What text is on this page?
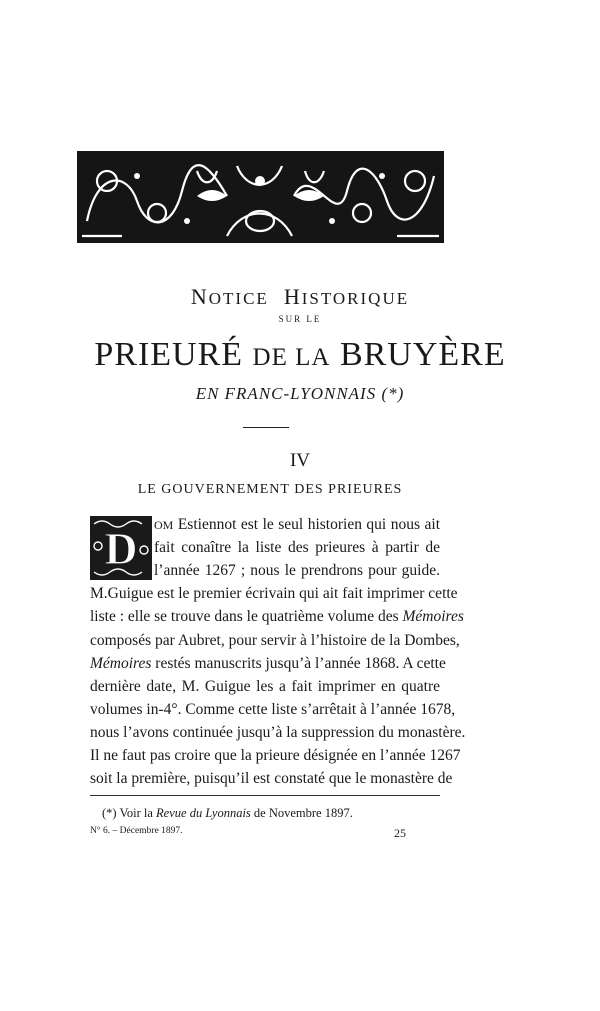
NOTICE HISTORIQUE
SUR LE
PRIEURÉ DE LA BRUYÈRE
EN FRANC-LYONNAIS (*)
IV
LE GOUVERNEMENT DES PRIEURES
D OM Estiennot est le seul historien qui nous ait
fait conaître la liste des prieures à partir de
l’année 1267 ; nous le prendrons pour guide.
M.Guigue est le premier écrivain qui ait fait imprimer cette
liste : elle se trouve dans le quatrième volume des Mémoires
composés par Aubret, pour servir à l’histoire de la Dombes,
Mémoires restés manuscrits jusqu’à l’année 1868. A cette
dernière date, M. Guigue les a fait imprimer en quatre
volumes in-4°. Comme cette liste s’arrêtait à l’année 1678,
nous l’avons continuée jusqu’à la suppression du monastère.
Il ne faut pas croire que la prieure désignée en l’année 1267
soit la première, puisqu’il est constaté que le monastère de
(*) Voir la Revue du Lyonnais de Novembre 1897.
N° 6. – Décembre 1897.	25
